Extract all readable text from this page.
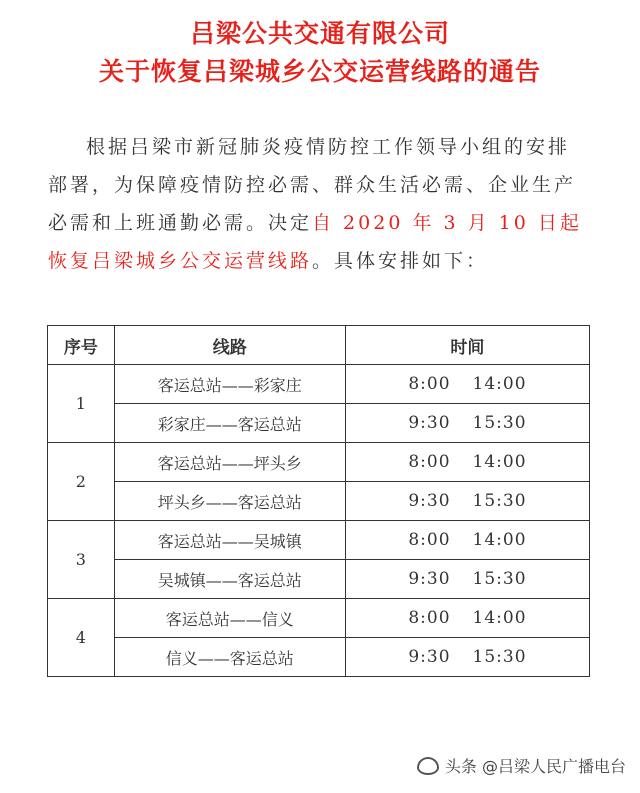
吕梁公共交通有限公司
关于恢复吕梁城乡公交运营线路的通告
根据吕梁市新冠肺炎疫情防控工作领导小组的安排部署，为保障疫情防控必需、群众生活必需、企业生产必需和上班通勤必需。决定自 2020 年 3 月 10 日起恢复吕梁城乡公交运营线路。具体安排如下：
序号	线路	时间
1	客运总站——彩家庄	8:00 14:00
	彩家庄——客运总站	9:30 15:30
2	客运总站——坪头乡	8:00 14:00
	坪头乡——客运总站	9:30 15:30
3	客运总站——吴城镇	8:00 14:00
	吴城镇——客运总站	9:30 15:30
4	客运总站——信义	8:00 14:00
	信义——客运总站	9:30 15:30
头条 @吕梁人民广播电台
